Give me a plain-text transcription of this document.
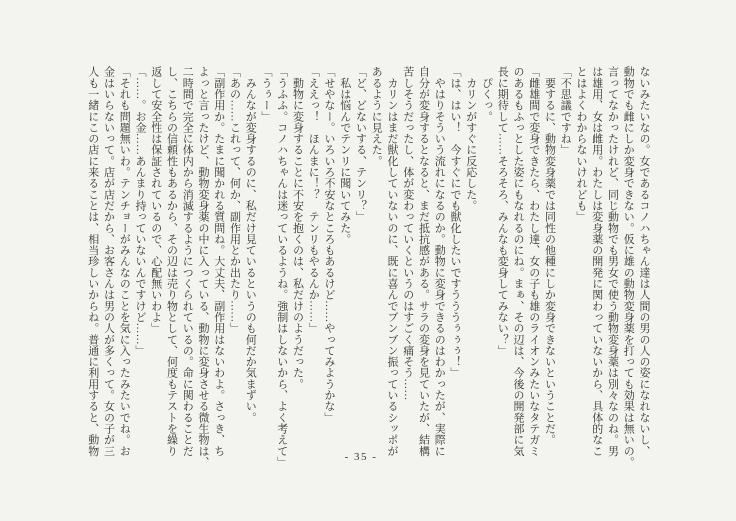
ないみたいなの。女であるコノハちゃん達は人間の男の人の姿になれないし、
動物でも雌にしか変身できない。仮に雄の動物変身薬を打っても効果は無いの。
言ってなかったけれど、同じ動物でも男女で使う動物変身薬は別々なのね。男
は雄用、女は雌用。わたしは変身薬の開発に関わっていないから、具体的なこ
とはよくわからないけれども」
「不思議ですね」
　要するに、動物変身薬では同性の他種にしか変身できないということだ。
「雌雄間で変身できたら、わたし達、女の子も雄のライオンみたいなタテガミ
のあるもふっとした姿にもなれるのにね。まぁ、その辺は、今後の開発部に気
長に期待して……そろそろ、みんなも変身してみない？」
　ぴくっ。
　カリンがすぐに反応した。
「は、はい！　今すぐにでも獣化したいですうううぅぅぅ！」
　やはりそういう流れになるのか。動物に変身できるのはわかったが、実際に
自分が変身するとなると、まだ抵抗感がある。サラの変身を見ていたが、結構
苦しそうだったし、体が変わっていくというのはすごく痛そう……
　カリンはまだ獣化していないのに、既に喜んでブンブン振っているシッポが
あるように見えた。
「ど、どないする、テンリ？」
　私は悩んでテンリに聞いてみた。
「せやなー。いろいろ不安なところもあるけど……やってみようかな」
「ええっ！　ほんまに！？　テンリもやるんか……」
　動物に変身することに不安を抱くのは、私だけのようだった。
「うふふ。コノハちゃんは迷っているようね。強制はしないから、よく考えて」
「うぅー」
　みんなが変身するのに、私だけ見ているというのも何だか気まずい。
「あの……これって、何か、副作用とか出たり……」
「副作用か。たまに聞かれる質問ね。大丈夫、副作用はないわよ。さっき、ち
よっと言ったけど、動物変身薬の中に入っている、動物に変身させる微生物は、
二時間で完全に体内から消滅するようにつくられているの。命に関わることだ
し、こちらの信頼性もあるから、その辺は売り物として、何度もテストを繰り
返して安全性は保証されているので、心配無いわよ」
「……。お金……あんまり持っていないんですけど……」
「それも問題無いわ。テンチョーがみんなのことを気に入ったみたいでね。お
金はいらないって。店が店だから、お客さんは男の人が多くって。女の子が三
人も一緒にこの店に来ることは、相当珍しいからね。普通に利用すると、動物
- 35 -
